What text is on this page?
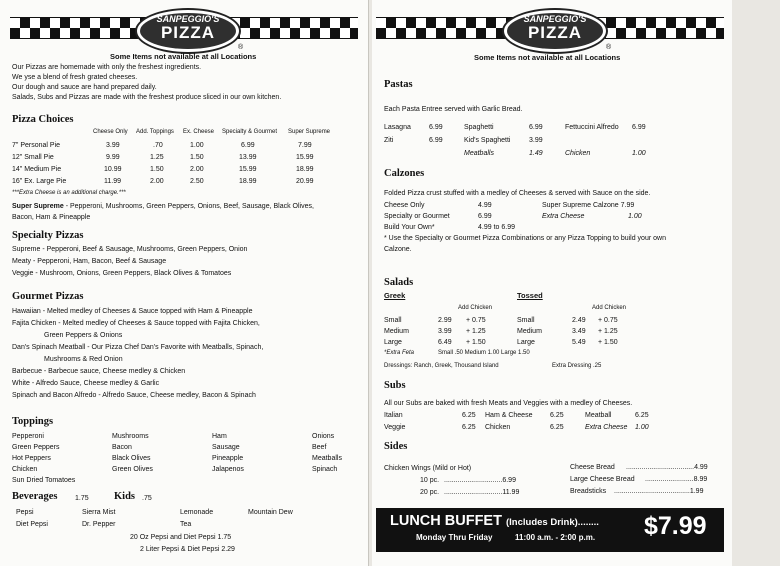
SANPEGGIO'S
PIZZA
®
Some Items not available at all Locations
Our Pizzas are homemade with only the freshest ingredients.
We yse a blend of fresh grated cheeses.
Our dough and sauce are hand prepared daily.
Salads, Subs and Pizzas are made with the freshest produce sliced in our own kitchen.
Pizza Choices
Cheese Only Add. Toppings Ex. Cheese Specialty & Gourmet Super Supreme
7" Personal Pie	3.99	.70	1.00	6.99	7.99
12" Small Pie	9.99	1.25	1.50	13.99	15.99
14" Medium Pie	10.99	1.50	2.00	15.99	18.99
16" Ex. Large Pie	11.99	2.00	2.50	18.99	20.99
***Extra Cheese is an additional charge.***
Super Supreme - Pepperoni, Mushrooms, Green Peppers, Onions, Beef, Sausage, Black Olives,
Bacon, Ham & Pineapple
Specialty Pizzas
Supreme - Pepperoni, Beef & Sausage, Mushrooms, Green Peppers, Onion
Meaty - Pepperoni, Ham, Bacon, Beef & Sausage
Veggie - Mushroom, Onions, Green Peppers, Black Olives & Tomatoes
Gourmet Pizzas
Hawaiian - Melted medley of Cheeses & Sauce topped with Ham & Pineapple
Fajita Chicken - Melted medley of Cheeses & Sauce topped with Fajita Chicken,
Green Peppers & Onions
Dan's Spinach Meatball - Our Pizza Chef Dan's Favorite with Meatballs, Spinach,
Mushrooms & Red Onion
Barbecue - Barbecue sauce, Cheese medley & Chicken
White - Alfredo Sauce, Cheese medley & Garlic
Spinach and Bacon Alfredo - Alfredo Sauce, Cheese medley, Bacon & Spinach
Toppings
Pepperoni
Green Peppers
Hot Peppers
Chicken
Sun Dried Tomatoes
Mushrooms
Bacon
Black Olives
Green Olives
Ham
Sausage
Pineapple
Jalapenos
Onions
Beef
Meatballs
Spinach
Beverages	1.75 Kids .75
Pepsi
Diet Pepsi
Sierra Mist
Dr. Pepper
Lemonade
Tea
Mountain Dew
20 Oz Pepsi and Diet Pepsi 1.75
2 Liter Pepsi & Diet Pepsi 2.29
SANPEGGIO'S
PIZZA
®
Some Items not available at all Locations
Pastas
Each Pasta Entree served with Garlic Bread.
Lasagna	6.99
Ziti	6.99
Spaghetti	6.99
Kid's Spaghetti	3.99
Fettuccini Alfredo 6.99
Meatballs	1.49	Chicken	1.00
Calzones
Folded Pizza crust stuffed with a medley of Cheeses & served with Sauce on the side.
Cheese Only	4.99
Specialty or Gourmet	6.99
Build Your Own*	4.99 to 6.99
Super Supreme Calzone 7.99
Extra Cheese	1.00
* Use the Specialty or Gourmet Pizza Combinations or any Pizza Topping to build your own
Calzone.
Salads
Greek	Tossed
Add Chicken	Add Chicken
Small	2.99 + 0.75
Medium	3.99 + 1.25
Large	6.49 + 1.50
Small	2.49 + 0.75
Medium	3.49 + 1.25
Large	5.49 + 1.50
*Extra Feta	Small .50 Medium 1.00 Large 1.50
Dressings: Ranch, Greek, Thousand Island	Extra Dressing .25
Subs
All our Subs are baked with fresh Meats and Veggies with a medley of Cheeses.
Italian	6.25
Veggie	6.25
Ham & Cheese	6.25
Chicken	6.25
Meatball	6.25
Extra Cheese 1.00
Sides
Chicken Wings (Mild or Hot)
10 pc. ..............................6.99
20 pc. ..............................11.99
Cheese Bread ...................................4.99
Large Cheese Bread .........................8.99
Breadsticks .......................................1.99
LUNCH BUFFET (Includes Drink)........
Monday Thru Friday	11:00 a.m. - 2:00 p.m. $7.99
